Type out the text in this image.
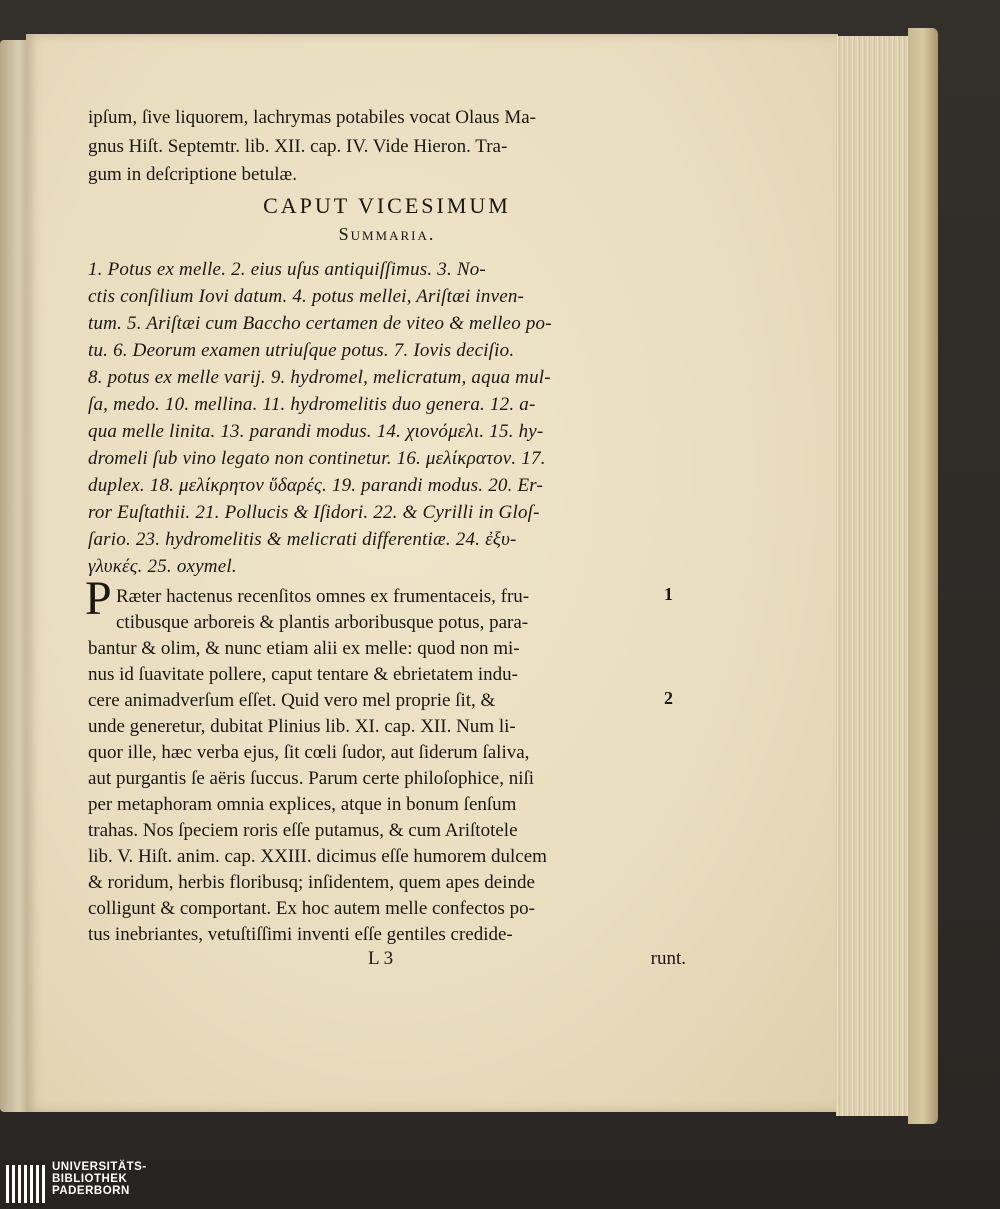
ipſum, ſive liquorem, lachrymas potabiles vocat Olaus Ma-
gnus Hiſt. Septemtr. lib. XII. cap. IV. Vide Hieron. Tra-
gum in deſcriptione betulæ.
CAPUT VICESIMUM
Summaria.
1. Potus ex melle. 2. eius uſus antiquiſſimus. 3. No-
ctis conſilium Iovi datum. 4. potus mellei, Ariſtæi inven-
tum. 5. Ariſtæi cum Baccho certamen de viteo & melleo po-
tu. 6. Deorum examen utriuſque potus. 7. Iovis deciſio.
8. potus ex melle varij. 9. hydromel, melicratum, aqua mul-
ſa, medo. 10. mellina. 11. hydromelitis duo genera. 12. a-
qua melle linita. 13. parandi modus. 14. χιονόμελι. 15. hy-
dromeli ſub vino legato non continetur. 16. μελίκρατον. 17.
duplex. 18. μελίκρητον ὕδαρές. 19. parandi modus. 20. Er-
ror Euſtathii. 21. Pollucis & Iſidori. 22. & Cyrilli in Gloſ-
ſario. 23. hydromelitis & melicrati differentiæ. 24. ἐξυ-
γλυκές. 25. oxymel.
P Ræter hactenus recenſitos omnes ex frumentaceis, fru-
ctibusque arboreis & plantis arboribusque potus, para-
bantur & olim, & nunc etiam alii ex melle: quod non mi-
nus id ſuavitate pollere, caput tentare & ebrietatem indu-
cere animadverſum eſſet. Quid vero mel proprie ſit, &
unde generetur, dubitat Plinius lib. XI. cap. XII. Num li-
quor ille, hæc verba ejus, ſit cœli ſudor, aut ſiderum ſaliva,
aut purgantis ſe aëris ſuccus. Parum certe philoſophice, niſi
per metaphoram omnia explices, atque in bonum ſenſum
trahas. Nos ſpeciem roris eſſe putamus, & cum Ariſtotele
lib. V. Hiſt. anim. cap. XXIII. dicimus eſſe humorem dulcem
& roridum, herbis floribusq; inſidentem, quem apes deinde
colligunt & comportant. Ex hoc autem melle confectos po-
tus inebriantes, vetuſtiſſimi inventi eſſe gentiles credide-
L 3	runt.
1
2
UNIVERSITÄTS-
BIBLIOTHEK
PADERBORN
